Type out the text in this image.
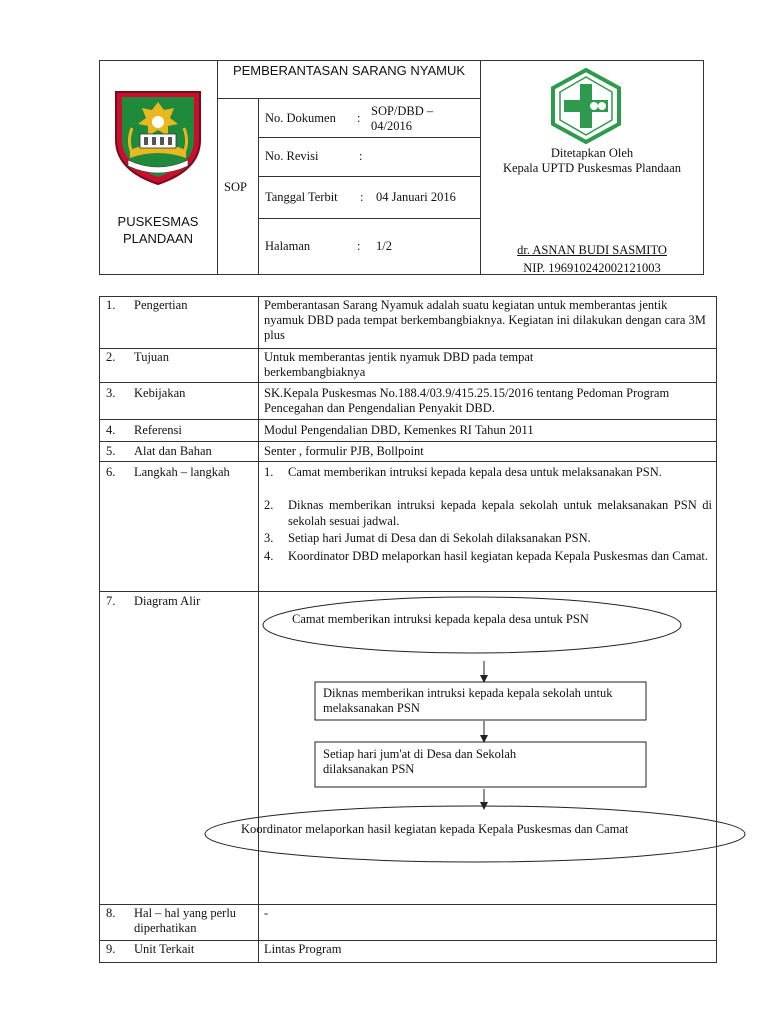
PUSKESMAS PLANDAAN
PEMBERANTASAN SARANG NYAMUK
SOP
No. Dokumen : SOP/DBD – 04/2016
No. Revisi	:
Tanggal Terbit : 04 Januari 2016
Halaman	: 1/2
Ditetapkan Oleh
Kepala UPTD Puskesmas Plandaan
dr. ASNAN BUDI SASMITO
NIP. 196910242002121003
1. Pengertian	Pemberantasan Sarang Nyamuk adalah suatu kegiatan untuk memberantas jentik nyamuk DBD pada tempat berkembangbiaknya. Kegiatan ini dilakukan dengan cara 3M plus
2. Tujuan	Untuk memberantas jentik nyamuk DBD pada tempat berkembangbiaknya
3. Kebijakan	SK.Kepala Puskesmas No.188.4/03.9/415.25.15/2016 tentang Pedoman Program Pencegahan dan Pengendalian Penyakit DBD.
4. Referensi	Modul Pengendalian DBD, Kemenkes RI Tahun 2011
5. Alat dan Bahan	Senter , formulir PJB, Bollpoint
6. Langkah – langkah	1.	Camat memberikan intruksi kepada kepala desa untuk melaksanakan PSN.
2.	Diknas memberikan intruksi kepada kepala sekolah untuk melaksanakan PSN di sekolah sesuai jadwal.
3.	Setiap hari Jumat di Desa dan di Sekolah dilaksanakan PSN.
4.	Koordinator DBD melaporkan hasil kegiatan kepada Kepala Puskesmas dan Camat.
7. Diagram Alir
Camat memberikan intruksi kepada kepala desa untuk PSN
Diknas memberikan intruksi kepada kepala sekolah untuk melaksanakan PSN
Setiap hari jum'at di Desa dan Sekolah dilaksanakan PSN
Koordinator melaporkan hasil kegiatan kepada Kepala Puskesmas dan Camat
8. Hal – hal yang perlu diperhatikan
-
9. Unit Terkait	Lintas Program
